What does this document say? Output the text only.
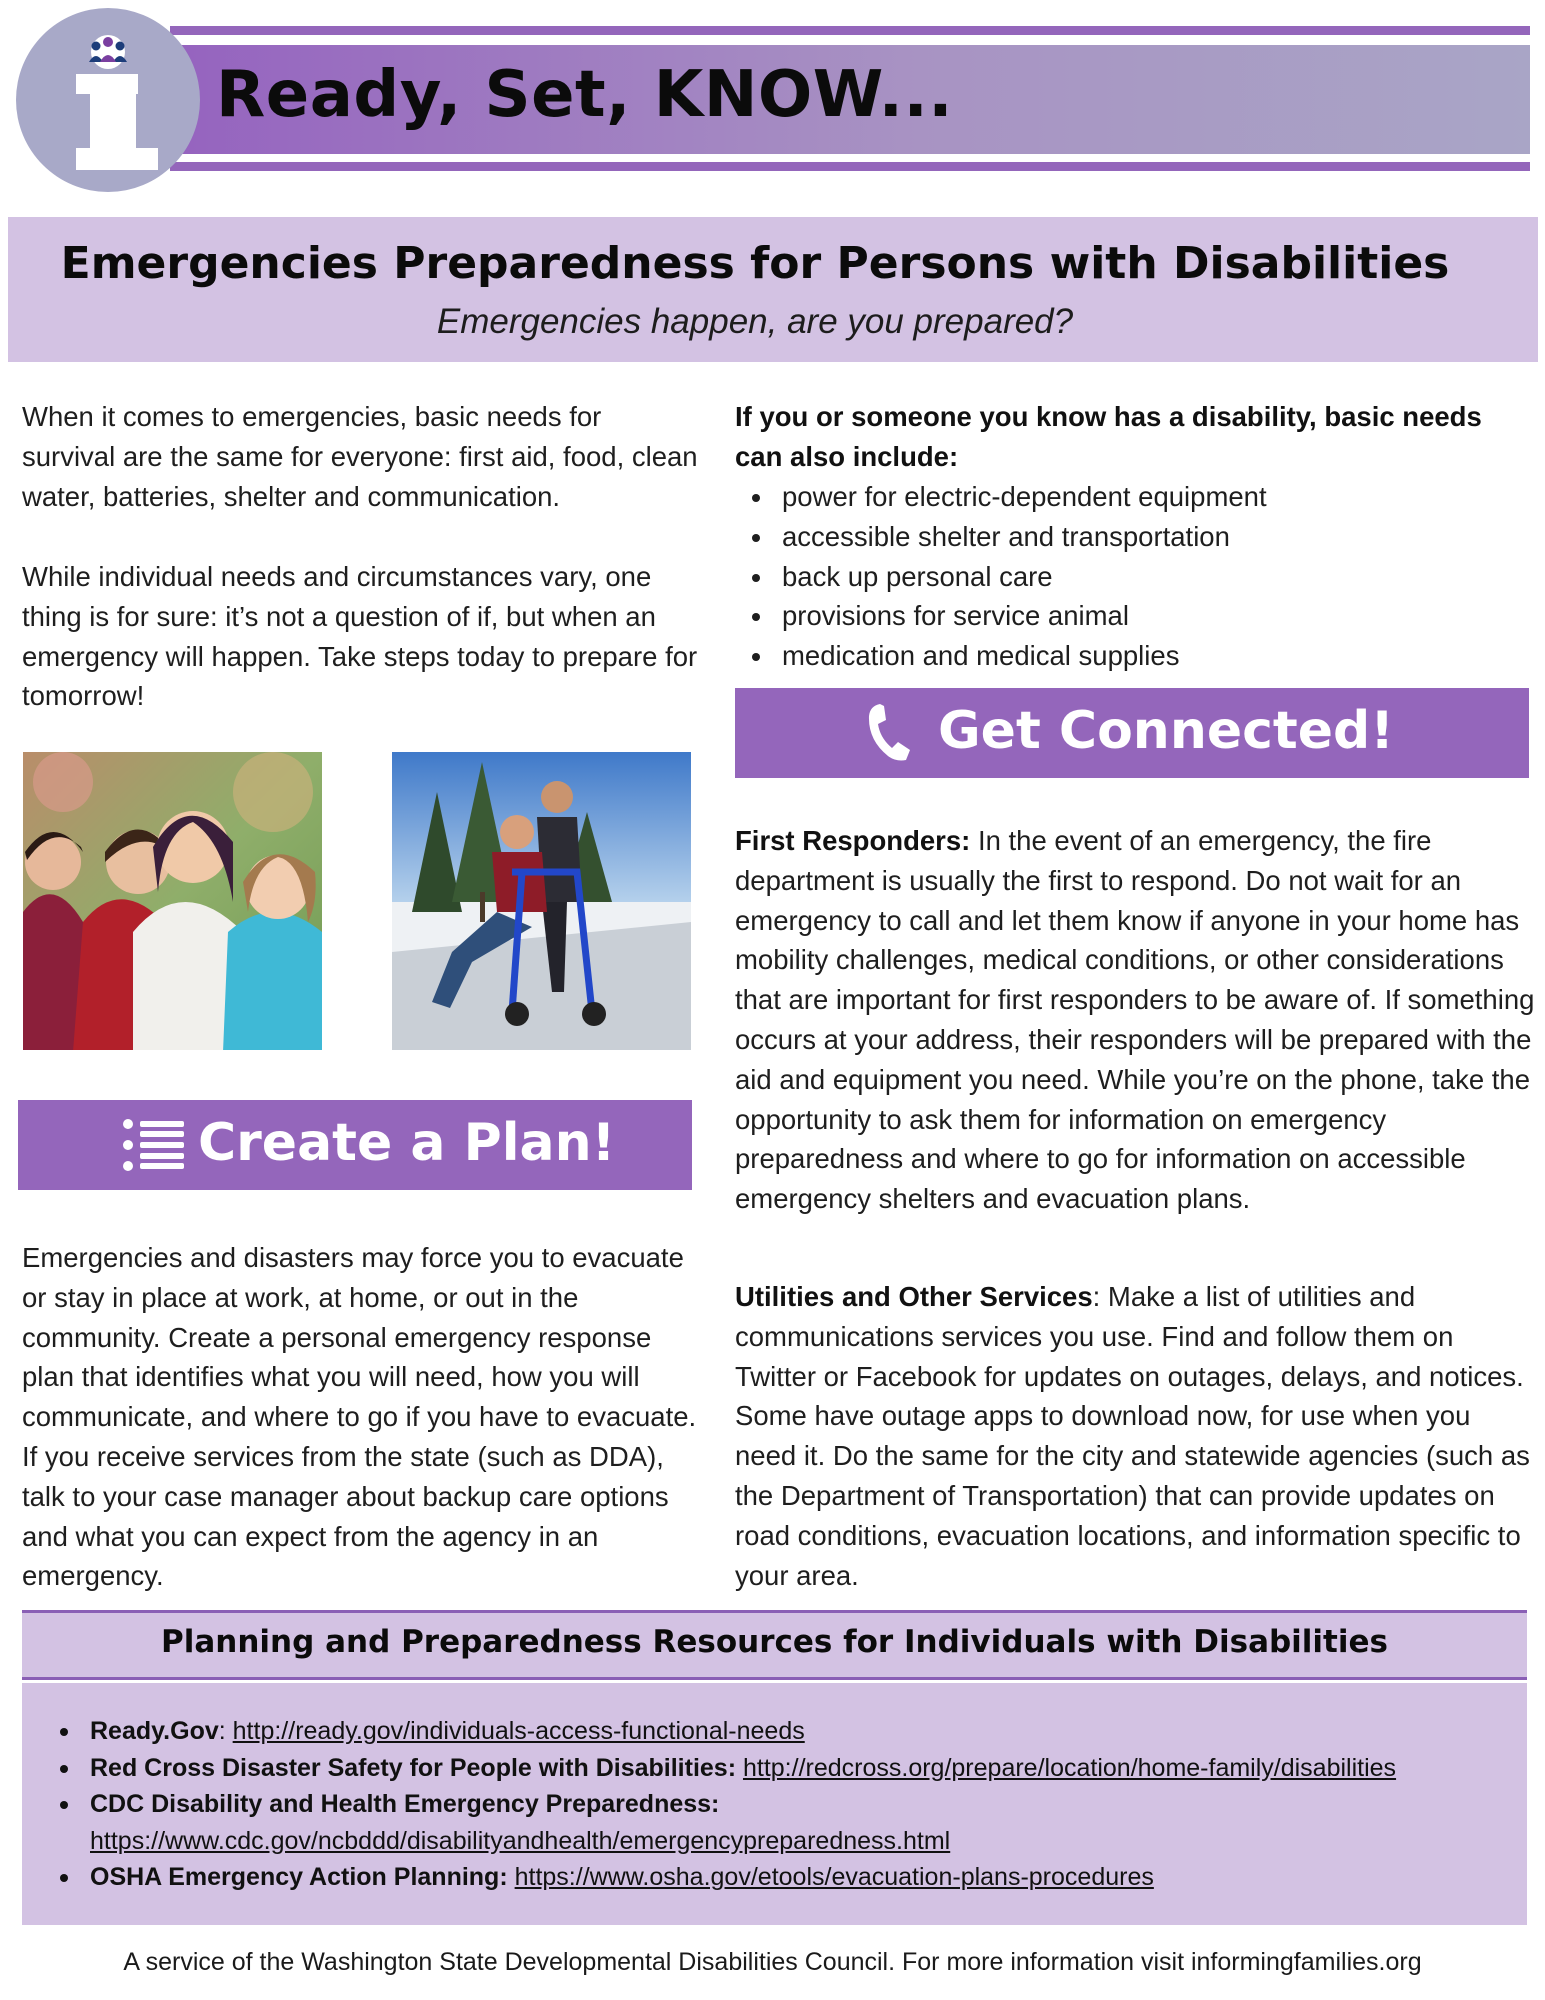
Ready, Set, KNOW...
Emergencies Preparedness for Persons with Disabilities
Emergencies happen, are you prepared?

When it comes to emergencies, basic needs for survival are the same for everyone: first aid, food, clean water, batteries, shelter and communication.

While individual needs and circumstances vary, one thing is for sure: it’s not a question of if, but when an emergency will happen. Take steps today to prepare for tomorrow!

If you or someone you know has a disability, basic needs can also include:

power for electric-dependent equipment
accessible shelter and transportation
back up personal care
provisions for service animal
medication and medical supplies
Create a Plan!

Emergencies and disasters may force you to evacuate or stay in place at work, at home, or out in the community. Create a personal emergency response plan that identifies what you will need, how you will communicate, and where to go if you have to evacuate. If you receive services from the state (such as DDA), talk to your case manager about backup care options and what you can expect from the agency in an emergency.

Get Connected!

First Responders: In the event of an emergency, the fire department is usually the first to respond. Do not wait for an emergency to call and let them know if anyone in your home has mobility challenges, medical conditions, or other considerations that are important for first responders to be aware of. If something occurs at your address, their responders will be prepared with the aid and equipment you need. While you’re on the phone, take the opportunity to ask them for information on emergency preparedness and where to go for information on accessible emergency shelters and evacuation plans.

Utilities and Other Services: Make a list of utilities and communications services you use. Find and follow them on Twitter or Facebook for updates on outages, delays, and notices. Some have outage apps to download now, for use when you need it. Do the same for the city and statewide agencies (such as the Department of Transportation) that can provide updates on road conditions, evacuation locations, and information specific to your area.

Planning and Preparedness Resources for Individuals with Disabilities
Ready.Gov: http://ready.gov/individuals-access-functional-needs
Red Cross Disaster Safety for People with Disabilities: http://redcross.org/prepare/location/home-family/disabilities
CDC Disability and Health Emergency Preparedness:
https://www.cdc.gov/ncbddd/disabilityandhealth/emergencypreparedness.html
OSHA Emergency Action Planning: https://www.osha.gov/etools/evacuation-plans-procedures
A service of the Washington State Developmental Disabilities Council. For more information visit informingfamilies.org
